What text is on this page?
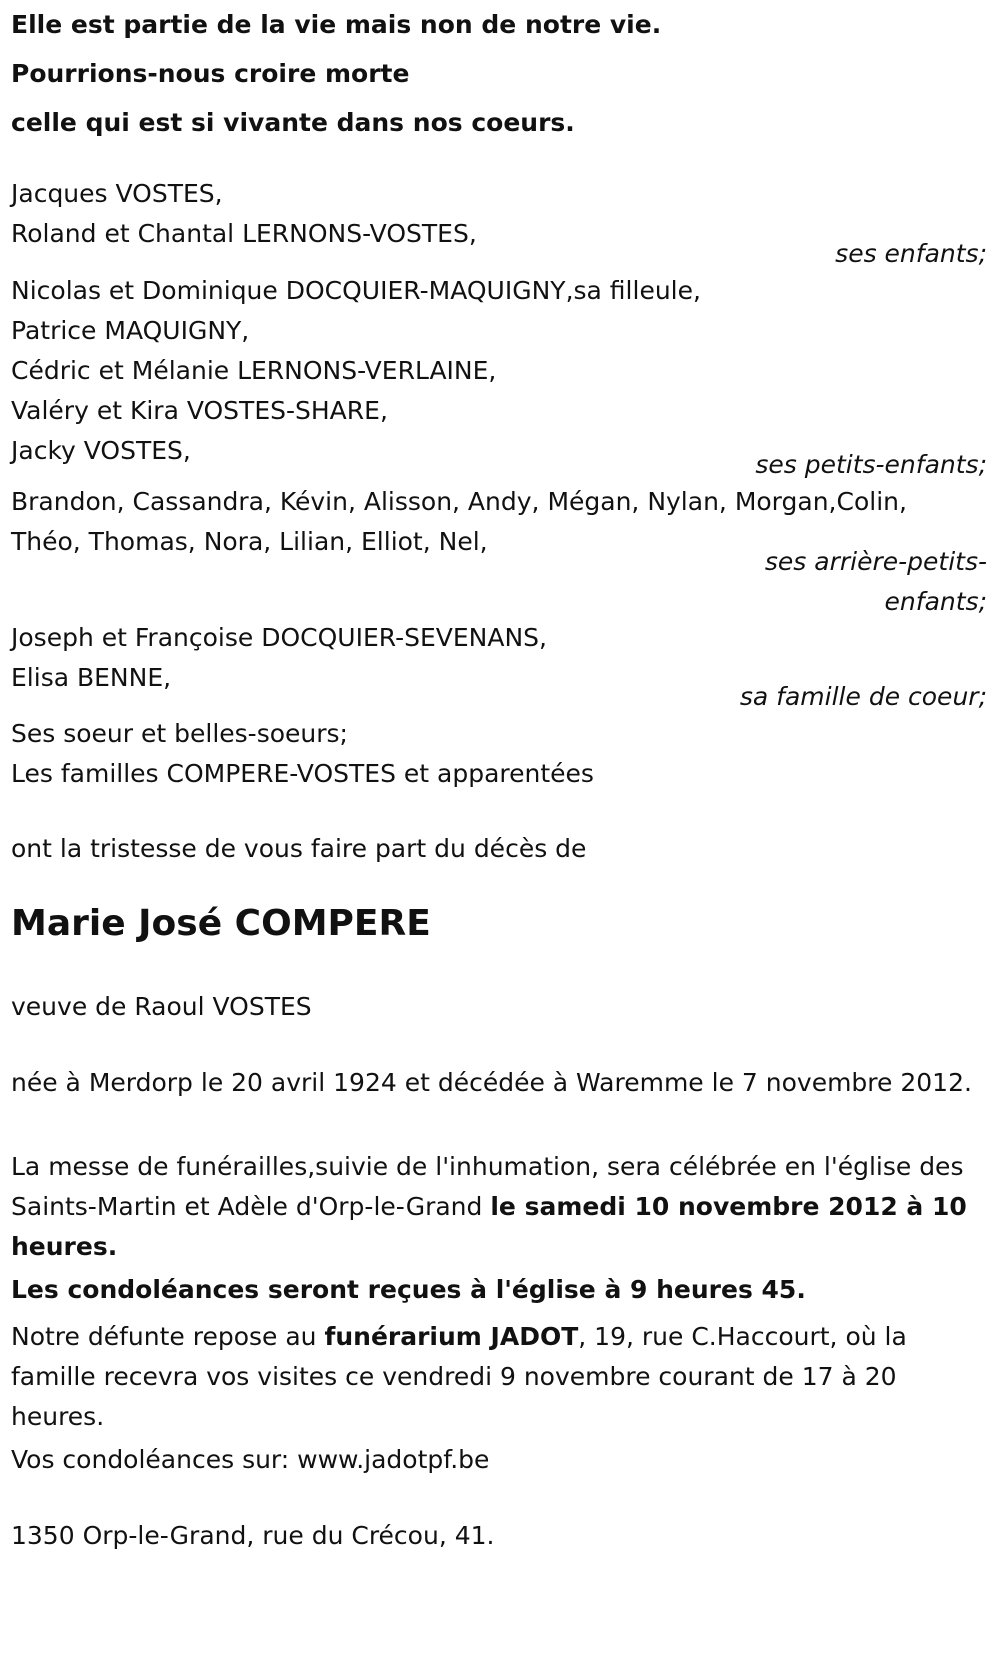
Elle est partie de la vie mais non de notre vie.
Pourrions-nous croire morte
celle qui est si vivante dans nos coeurs.
Jacques VOSTES,
Roland et Chantal LERNONS-VOSTES,
ses enfants;
Nicolas et Dominique DOCQUIER-MAQUIGNY,sa filleule,
Patrice MAQUIGNY,
Cédric et Mélanie LERNONS-VERLAINE,
Valéry et Kira VOSTES-SHARE,
Jacky VOSTES,	ses petits-enfants;
Brandon, Cassandra, Kévin, Alisson, Andy, Mégan, Nylan, Morgan,Colin,
Théo, Thomas, Nora, Lilian, Elliot, Nel,
ses arrière-petits-
enfants;
Joseph et Françoise DOCQUIER-SEVENANS,
Elisa BENNE,
sa famille de coeur;
Ses soeur et belles-soeurs;
Les familles COMPERE-VOSTES et apparentées
ont la tristesse de vous faire part du décès de
Marie José COMPERE
veuve de Raoul VOSTES
née à Merdorp le 20 avril 1924 et décédée à Waremme le 7 novembre 2012.
La messe de funérailles,suivie de l'inhumation, sera célébrée en l'église des Saints-Martin et Adèle d'Orp-le-Grand le samedi 10 novembre 2012 à 10 heures.
Les condoléances seront reçues à l'église à 9 heures 45.
Notre défunte repose au funérarium JADOT, 19, rue C.Haccourt, où la famille recevra vos visites ce vendredi 9 novembre courant de 17 à 20 heures.
Vos condoléances sur: www.jadotpf.be
1350 Orp-le-Grand, rue du Crécou, 41.
